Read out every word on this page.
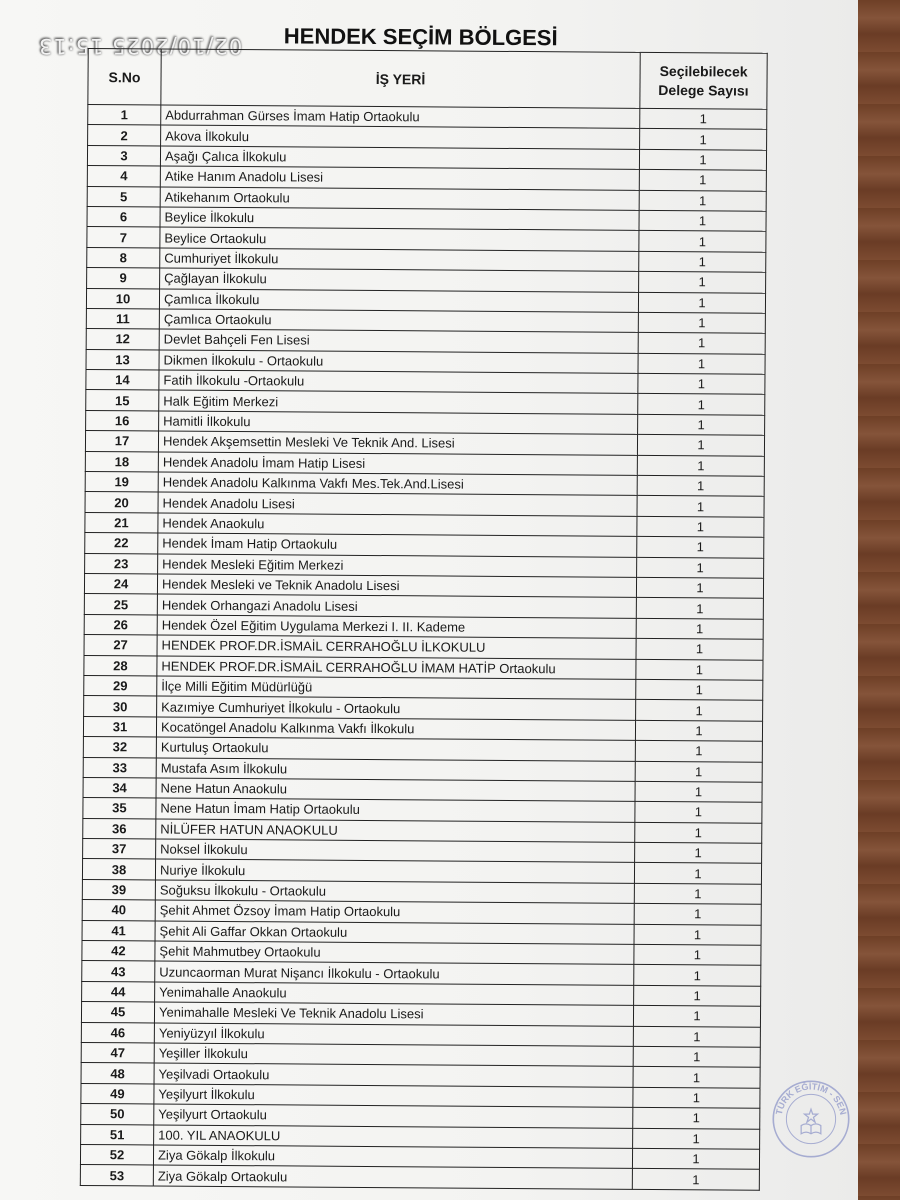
02/10/2025 15:13 HENDEK SEÇİM BÖLGESİ
S.No	İŞ YERİ	Seçilebilecek
Delege Sayısı
1	Abdurrahman Gürses İmam Hatip Ortaokulu	1
2	Akova İlkokulu	1
3	Aşağı Çalıca İlkokulu	1
4	Atike Hanım Anadolu Lisesi	1
5	Atikehanım Ortaokulu	1
6	Beylice İlkokulu	1
7	Beylice Ortaokulu	1
8	Cumhuriyet İlkokulu	1
9	Çağlayan İlkokulu	1
10	Çamlıca İlkokulu	1
11	Çamlıca Ortaokulu	1
12	Devlet Bahçeli Fen Lisesi	1
13	Dikmen İlkokulu - Ortaokulu	1
14	Fatih İlkokulu -Ortaokulu	1
15	Halk Eğitim Merkezi	1
16	Hamitli İlkokulu	1
17	Hendek Akşemsettin Mesleki Ve Teknik And. Lisesi	1
18	Hendek Anadolu İmam Hatip Lisesi	1
19	Hendek Anadolu Kalkınma Vakfı Mes.Tek.And.Lisesi	1
20	Hendek Anadolu Lisesi	1
21	Hendek Anaokulu	1
22	Hendek İmam Hatip Ortaokulu	1
23	Hendek Mesleki Eğitim Merkezi	1
24	Hendek Mesleki ve Teknik Anadolu Lisesi	1
25	Hendek Orhangazi Anadolu Lisesi	1
26	Hendek Özel Eğitim Uygulama Merkezi I. II. Kademe	1
27	HENDEK PROF.DR.İSMAİL CERRAHOĞLU İLKOKULU	1
28	HENDEK PROF.DR.İSMAİL CERRAHOĞLU İMAM HATİP Ortaokulu	1
29	İlçe Milli Eğitim Müdürlüğü	1
30	Kazımiye Cumhuriyet İlkokulu - Ortaokulu	1
31	Kocatöngel Anadolu Kalkınma Vakfı İlkokulu	1
32	Kurtuluş Ortaokulu	1
33	Mustafa Asım İlkokulu	1
34	Nene Hatun Anaokulu	1
35	Nene Hatun İmam Hatip Ortaokulu	1
36	NİLÜFER HATUN ANAOKULU	1
37	Noksel İlkokulu	1
38	Nuriye İlkokulu	1
39	Soğuksu İlkokulu - Ortaokulu	1
40	Şehit Ahmet Özsoy İmam Hatip Ortaokulu	1
41	Şehit Ali Gaffar Okkan Ortaokulu	1
42	Şehit Mahmutbey Ortaokulu	1
43	Uzuncaorman Murat Nişancı İlkokulu - Ortaokulu	1
44	Yenimahalle Anaokulu	1
45	Yenimahalle Mesleki Ve Teknik Anadolu Lisesi	1
46	Yeniyüzyıl İlkokulu	1
47	Yeşiller İlkokulu	1
48	Yeşilvadi Ortaokulu	1
49	Yeşilyurt İlkokulu	1
50	Yeşilyurt Ortaokulu	1
51	100. YIL ANAOKULU	1
52	Ziya Gökalp İlkokulu	1
53	Ziya Gökalp Ortaokulu	1
TÜRK EĞİTİM - SEN
